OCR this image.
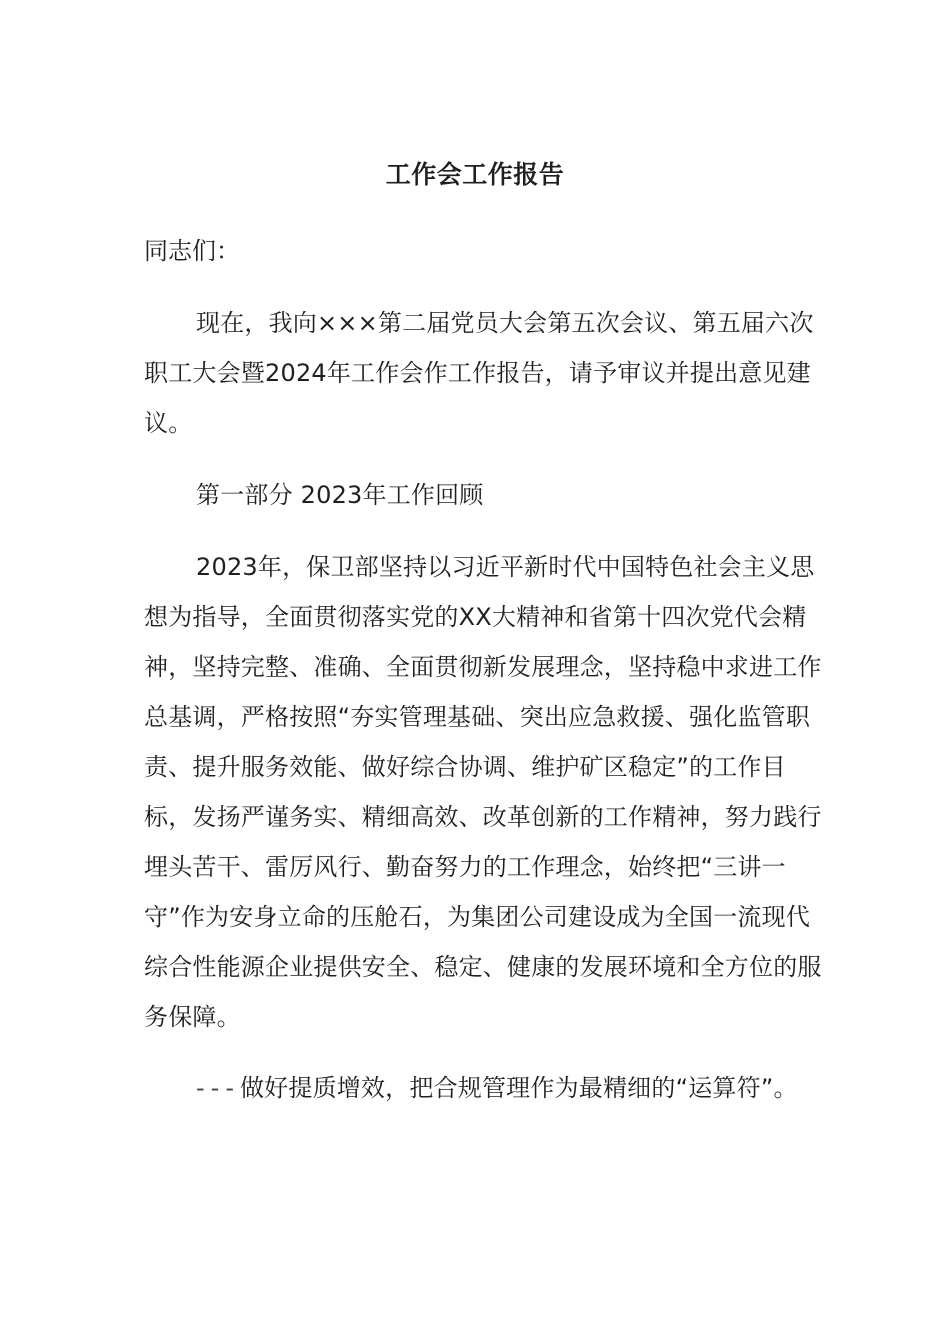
工作会工作报告
同志们：

现在，我向×××第二届党员大会第五次会议、第五届六次职工大会暨2024年工作会作工作报告，请予审议并提出意见建议。

第一部分 2023年工作回顾

2023年，保卫部坚持以习近平新时代中国特色社会主义思想为指导，全面贯彻落实党的XX大精神和省第十四次党代会精神，坚持完整、准确、全面贯彻新发展理念，坚持稳中求进工作总基调，严格按照“夯实管理基础、突出应急救援、强化监管职责、提升服务效能、做好综合协调、维护矿区稳定”的工作目标，发扬严谨务实、精细高效、改革创新的工作精神，努力践行埋头苦干、雷厉风行、勤奋努力的工作理念，始终把“三讲一守”作为安身立命的压舱石，为集团公司建设成为全国一流现代综合性能源企业提供安全、稳定、健康的发展环境和全方位的服务保障。

---做好提质增效，把合规管理作为最精细的“运算符”。
